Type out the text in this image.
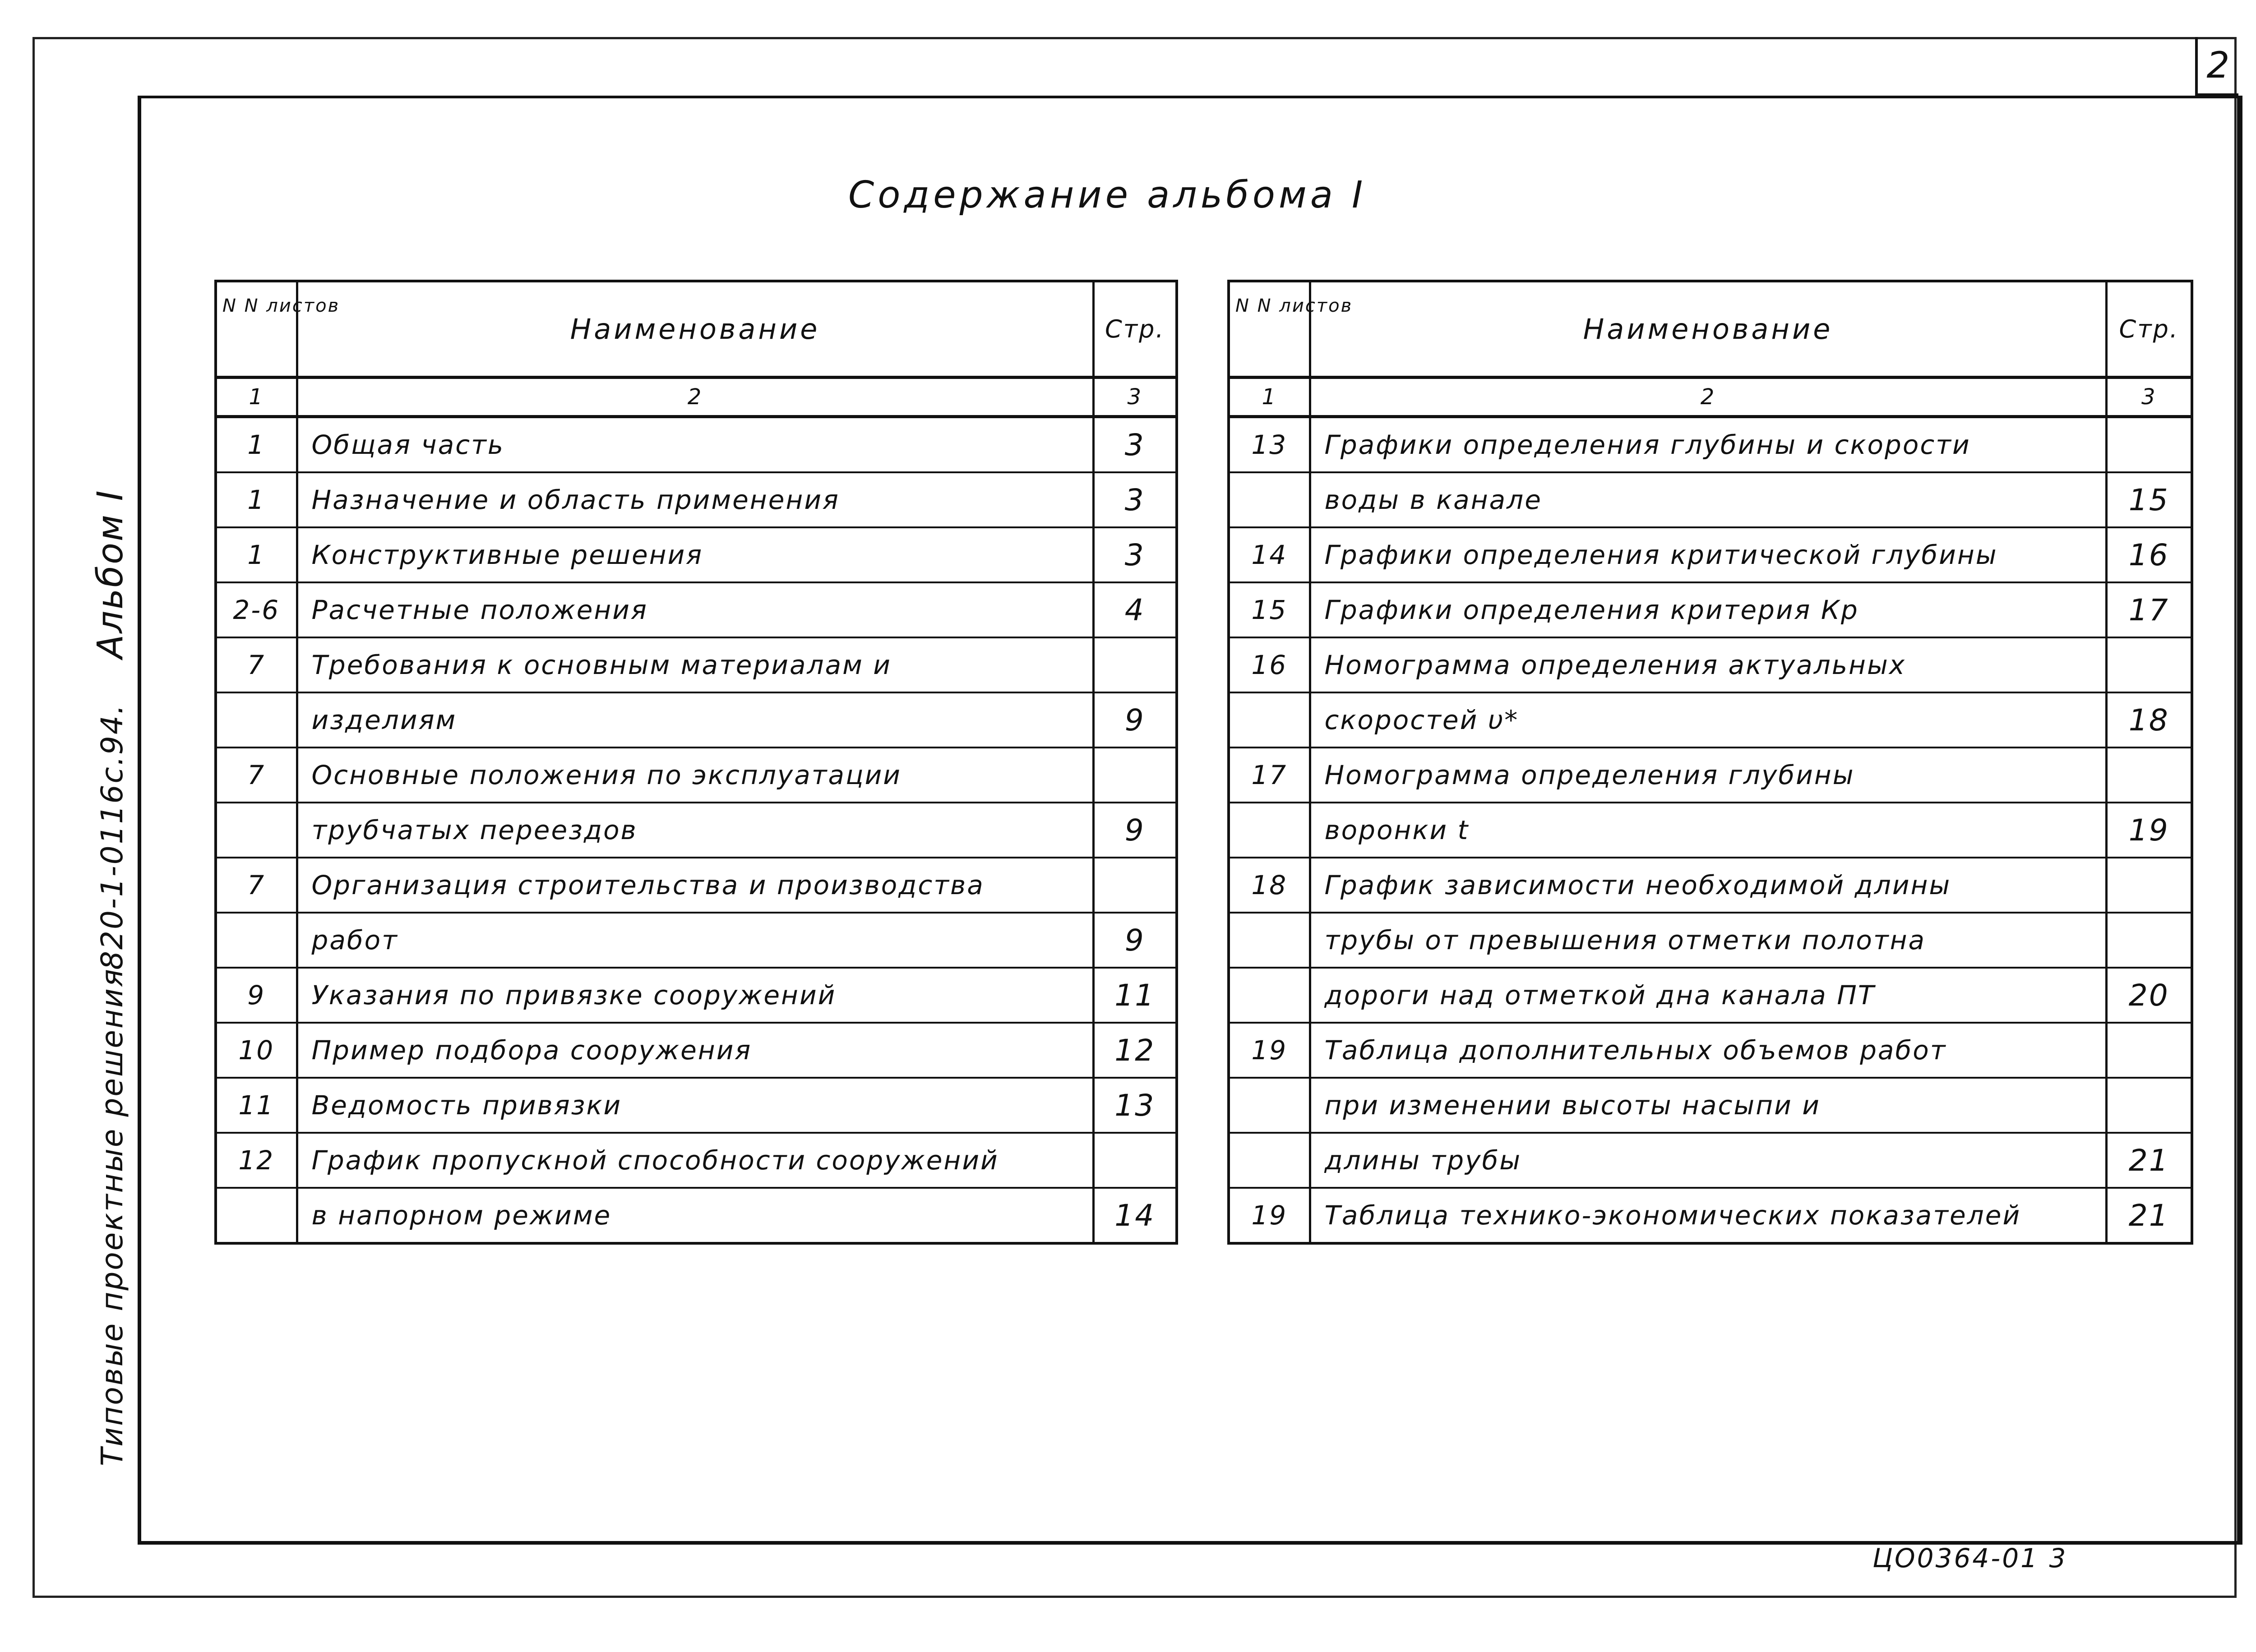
2
Содержание альбома I
Типовые проектные решения820-1-0116с.94.Альбом I
ЦО0364-01 3
N N листов	Наименование	Стр.
1	2	3
1	Общая часть	3
1	Назначение и область применения	3
1	Конструктивные решения	3
2-6	Расчетные положения	4
7	Требования к основным материалам и	
	изделиям	9
7	Основные положения по эксплуатации	
	трубчатых переездов	9
7	Организация строительства и производства	
	работ	9
9	Указания по привязке сооружений	11
10	Пример подбора сооружения	12
11	Ведомость привязки	13
12	График пропускной способности сооружений	
	в напорном режиме	14
N N листов	Наименование	Стр.
1	2	3
13	Графики определения глубины и скорости	
	воды в канале	15
14	Графики определения критической глубины	16
15	Графики определения критерия Кр	17
16	Номограмма определения актуальных	
	скоростей υ*	18
17	Номограмма определения глубины	
	воронки t	19
18	График зависимости необходимой длины	
	трубы от превышения отметки полотна	
	дороги над отметкой дна канала ПТ	20
19	Таблица дополнительных объемов работ	
	при изменении высоты насыпи и	
	длины трубы	21
19	Таблица технико-экономических показателей	21
